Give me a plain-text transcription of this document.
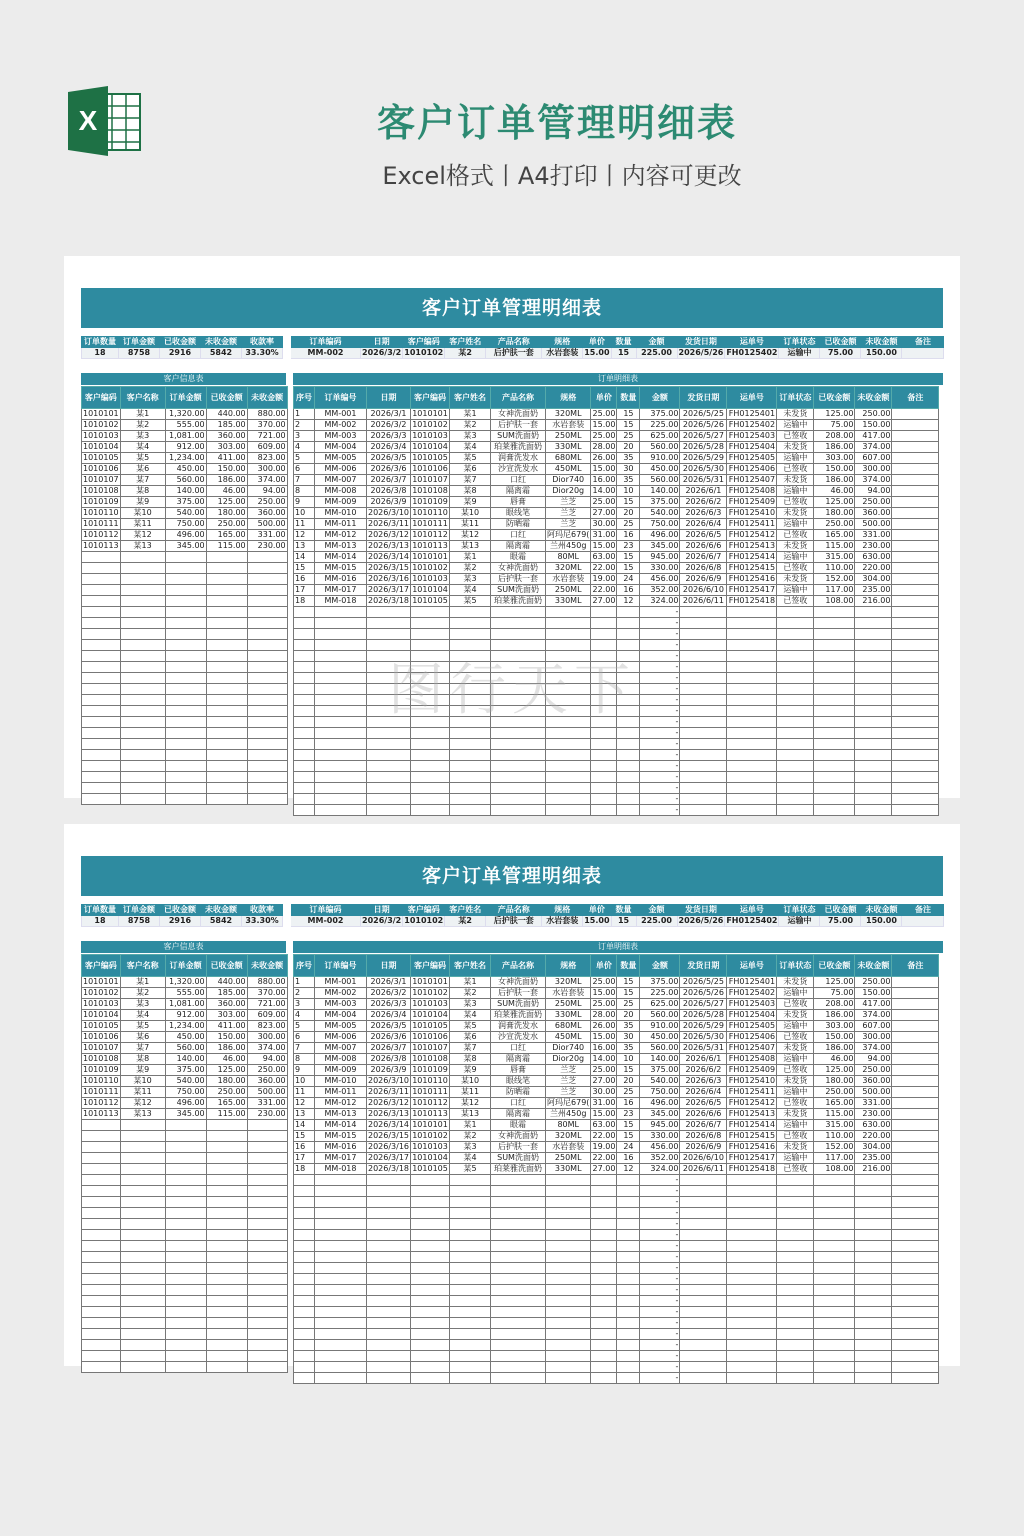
X	客户订单管理明细表
Excel格式丨A4打印丨内容可更改
客户订单管理明细表
订单数量	订单金额	已收金额	未收金额	收款率		订单编码	日期	客户编码	客户姓名	产品名称	规格	单价	数量	金额	发货日期	运单号	订单状态	已收金额	未收金额	备注
18	8758	2916	5842	33.30%		MM-002	2026/3/2	1010102	某2	后护肤一套	水岩套装	15.00	15	225.00	2026/5/26	FH0125402	运输中	75.00	150.00	
客户信息表	订单明细表
客户编码	客户名称	订单金额	已收金额	未收金额
1010101	某1	1,320.00	440.00	880.00
1010102	某2	555.00	185.00	370.00
1010103	某3	1,081.00	360.00	721.00
1010104	某4	912.00	303.00	609.00
1010105	某5	1,234.00	411.00	823.00
1010106	某6	450.00	150.00	300.00
1010107	某7	560.00	186.00	374.00
1010108	某8	140.00	46.00	94.00
1010109	某9	375.00	125.00	250.00
1010110	某10	540.00	180.00	360.00
1010111	某11	750.00	250.00	500.00
1010112	某12	496.00	165.00	331.00
1010113	某13	345.00	115.00	230.00

序号	订单编号	日期	客户编码	客户姓名	产品名称	规格	单价	数量	金额	发货日期	运单号	订单状态	已收金额	未收金额	备注
1	MM-001	2026/3/1	1010101	某1	女神洗面奶	320ML	25.00	15	375.00	2026/5/25	FH0125401	未发货	125.00	250.00	
2	MM-002	2026/3/2	1010102	某2	后护肤一套	水岩套装	15.00	15	225.00	2026/5/26	FH0125402	运输中	75.00	150.00	
3	MM-003	2026/3/3	1010103	某3	SUM洗面奶	250ML	25.00	25	625.00	2026/5/27	FH0125403	已签收	208.00	417.00	
4	MM-004	2026/3/4	1010104	某4	珀莱雅洗面奶	330ML	28.00	20	560.00	2026/5/28	FH0125404	未发货	186.00	374.00	
5	MM-005	2026/3/5	1010105	某5	润膏洗发水	680ML	26.00	35	910.00	2026/5/29	FH0125405	运输中	303.00	607.00	
6	MM-006	2026/3/6	1010106	某6	沙宣洗发水	450ML	15.00	30	450.00	2026/5/30	FH0125406	已签收	150.00	300.00	
7	MM-007	2026/3/7	1010107	某7	口红	Dior740	16.00	35	560.00	2026/5/31	FH0125407	未发货	186.00	374.00	
8	MM-008	2026/3/8	1010108	某8	隔离霜	Dior20g	14.00	10	140.00	2026/6/1	FH0125408	运输中	46.00	94.00	
9	MM-009	2026/3/9	1010109	某9	唇膏	兰芝	25.00	15	375.00	2026/6/2	FH0125409	已签收	125.00	250.00	
10	MM-010	2026/3/10	1010110	某10	眼线笔	兰芝	27.00	20	540.00	2026/6/3	FH0125410	未发货	180.00	360.00	
11	MM-011	2026/3/11	1010111	某11	防晒霜	兰芝	30.00	25	750.00	2026/6/4	FH0125411	运输中	250.00	500.00	
12	MM-012	2026/3/12	1010112	某12	口红	阿玛尼679(	31.00	16	496.00	2026/6/5	FH0125412	已签收	165.00	331.00	
13	MM-013	2026/3/13	1010113	某13	隔离霜	兰州450g	15.00	23	345.00	2026/6/6	FH0125413	未发货	115.00	230.00	
14	MM-014	2026/3/14	1010101	某1	眼霜	80ML	63.00	15	945.00	2026/6/7	FH0125414	运输中	315.00	630.00	
15	MM-015	2026/3/15	1010102	某2	女神洗面奶	320ML	22.00	15	330.00	2026/6/8	FH0125415	已签收	110.00	220.00	
16	MM-016	2026/3/16	1010103	某3	后护肤一套	水岩套装	19.00	24	456.00	2026/6/9	FH0125416	未发货	152.00	304.00	
17	MM-017	2026/3/17	1010104	某4	SUM洗面奶	250ML	22.00	16	352.00	2026/6/10	FH0125417	运输中	117.00	235.00	
18	MM-018	2026/3/18	1010105	某5	珀莱雅洗面奶	330ML	27.00	12	324.00	2026/6/11	FH0125418	已签收	108.00	216.00	
									-						
									-						
									-						
									-						
									-						
									-						
									-						
									-						
									-						
									-						
									-						
									-						
									-						
									-						
									-						
									-						
									-						
									-						
									-						
图行天下
客户订单管理明细表
订单数量	订单金额	已收金额	未收金额	收款率		订单编码	日期	客户编码	客户姓名	产品名称	规格	单价	数量	金额	发货日期	运单号	订单状态	已收金额	未收金额	备注
18	8758	2916	5842	33.30%		MM-002	2026/3/2	1010102	某2	后护肤一套	水岩套装	15.00	15	225.00	2026/5/26	FH0125402	运输中	75.00	150.00	
客户信息表	订单明细表
客户编码	客户名称	订单金额	已收金额	未收金额
1010101	某1	1,320.00	440.00	880.00
1010102	某2	555.00	185.00	370.00
1010103	某3	1,081.00	360.00	721.00
1010104	某4	912.00	303.00	609.00
1010105	某5	1,234.00	411.00	823.00
1010106	某6	450.00	150.00	300.00
1010107	某7	560.00	186.00	374.00
1010108	某8	140.00	46.00	94.00
1010109	某9	375.00	125.00	250.00
1010110	某10	540.00	180.00	360.00
1010111	某11	750.00	250.00	500.00
1010112	某12	496.00	165.00	331.00
1010113	某13	345.00	115.00	230.00

序号	订单编号	日期	客户编码	客户姓名	产品名称	规格	单价	数量	金额	发货日期	运单号	订单状态	已收金额	未收金额	备注
1	MM-001	2026/3/1	1010101	某1	女神洗面奶	320ML	25.00	15	375.00	2026/5/25	FH0125401	未发货	125.00	250.00	
2	MM-002	2026/3/2	1010102	某2	后护肤一套	水岩套装	15.00	15	225.00	2026/5/26	FH0125402	运输中	75.00	150.00	
3	MM-003	2026/3/3	1010103	某3	SUM洗面奶	250ML	25.00	25	625.00	2026/5/27	FH0125403	已签收	208.00	417.00	
4	MM-004	2026/3/4	1010104	某4	珀莱雅洗面奶	330ML	28.00	20	560.00	2026/5/28	FH0125404	未发货	186.00	374.00	
5	MM-005	2026/3/5	1010105	某5	润膏洗发水	680ML	26.00	35	910.00	2026/5/29	FH0125405	运输中	303.00	607.00	
6	MM-006	2026/3/6	1010106	某6	沙宣洗发水	450ML	15.00	30	450.00	2026/5/30	FH0125406	已签收	150.00	300.00	
7	MM-007	2026/3/7	1010107	某7	口红	Dior740	16.00	35	560.00	2026/5/31	FH0125407	未发货	186.00	374.00	
8	MM-008	2026/3/8	1010108	某8	隔离霜	Dior20g	14.00	10	140.00	2026/6/1	FH0125408	运输中	46.00	94.00	
9	MM-009	2026/3/9	1010109	某9	唇膏	兰芝	25.00	15	375.00	2026/6/2	FH0125409	已签收	125.00	250.00	
10	MM-010	2026/3/10	1010110	某10	眼线笔	兰芝	27.00	20	540.00	2026/6/3	FH0125410	未发货	180.00	360.00	
11	MM-011	2026/3/11	1010111	某11	防晒霜	兰芝	30.00	25	750.00	2026/6/4	FH0125411	运输中	250.00	500.00	
12	MM-012	2026/3/12	1010112	某12	口红	阿玛尼679(	31.00	16	496.00	2026/6/5	FH0125412	已签收	165.00	331.00	
13	MM-013	2026/3/13	1010113	某13	隔离霜	兰州450g	15.00	23	345.00	2026/6/6	FH0125413	未发货	115.00	230.00	
14	MM-014	2026/3/14	1010101	某1	眼霜	80ML	63.00	15	945.00	2026/6/7	FH0125414	运输中	315.00	630.00	
15	MM-015	2026/3/15	1010102	某2	女神洗面奶	320ML	22.00	15	330.00	2026/6/8	FH0125415	已签收	110.00	220.00	
16	MM-016	2026/3/16	1010103	某3	后护肤一套	水岩套装	19.00	24	456.00	2026/6/9	FH0125416	未发货	152.00	304.00	
17	MM-017	2026/3/17	1010104	某4	SUM洗面奶	250ML	22.00	16	352.00	2026/6/10	FH0125417	运输中	117.00	235.00	
18	MM-018	2026/3/18	1010105	某5	珀莱雅洗面奶	330ML	27.00	12	324.00	2026/6/11	FH0125418	已签收	108.00	216.00	
									-						
									-						
									-						
									-						
									-						
									-						
									-						
									-						
									-						
									-						
									-						
									-						
									-						
									-						
									-						
									-						
									-						
									-						
									-						
